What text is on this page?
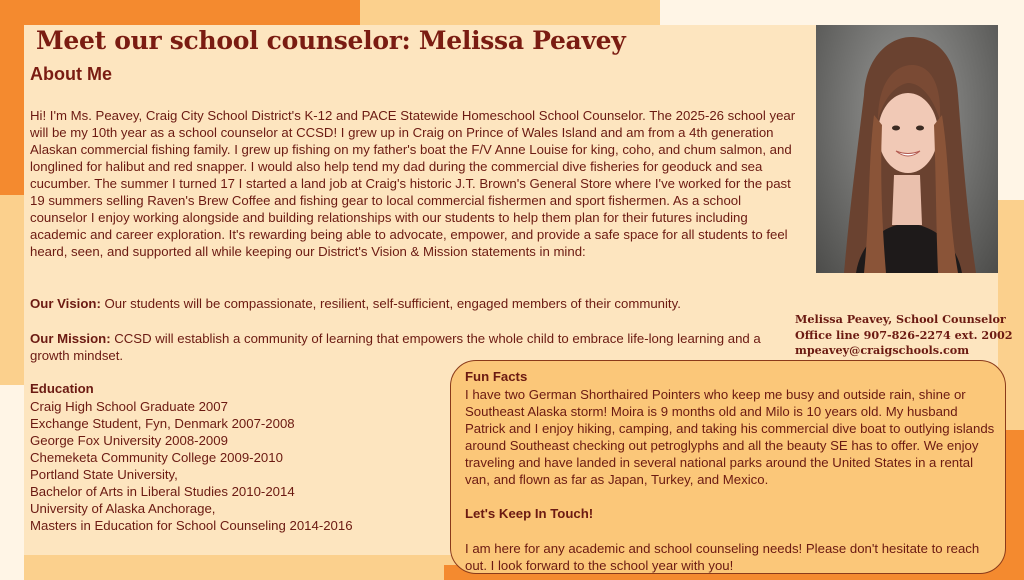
Meet our school counselor: Melissa Peavey
About Me

Hi! I'm Ms. Peavey, Craig City School District's K-12 and PACE Statewide Homeschool School Counselor. The 2025-26 school year will be my 10th year as a school counselor at CCSD! I grew up in Craig on Prince of Wales Island and am from a 4th generation Alaskan commercial fishing family. I grew up fishing on my father's boat the F/V Anne Louise for king, coho, and chum salmon, and longlined for halibut and red snapper. I would also help tend my dad during the commercial dive fisheries for geoduck and sea cucumber. The summer I turned 17 I started a land job at Craig's historic J.T. Brown's General Store where I've worked for the past 19 summers selling Raven's Brew Coffee and fishing gear to local commercial fishermen and sport fishermen. As a school counselor I enjoy working alongside and building relationships with our students to help them plan for their futures including academic and career exploration. It's rewarding being able to advocate, empower, and provide a safe space for all students to feel heard, seen, and supported all while keeping our District's Vision & Mission statements in mind:

Our Vision: Our students will be compassionate, resilient, self-sufficient, engaged members of their community.

Our Mission: CCSD will establish a community of learning that empowers the whole child to embrace life-long learning and a growth mindset.

Education
Craig High School Graduate 2007
Exchange Student, Fyn, Denmark 2007-2008
George Fox University 2008-2009
Chemeketa Community College 2009-2010
Portland State University,
Bachelor of Arts in Liberal Studies 2010-2014
University of Alaska Anchorage,
Masters in Education for School Counseling 2014-2016

Melissa Peavey, School Counselor
Office line 907-826-2274 ext. 2002
mpeavey@craigschools.com

Fun Facts

I have two German Shorthaired Pointers who keep me busy and outside rain, shine or Southeast Alaska storm! Moira is 9 months old and Milo is 10 years old. My husband Patrick and I enjoy hiking, camping, and taking his commercial dive boat to outlying islands around Southeast checking out petroglyphs and all the beauty SE has to offer. We enjoy traveling and have landed in several national parks around the United States in a rental van, and flown as far as Japan, Turkey, and Mexico.

Let's Keep In Touch!

I am here for any academic and school counseling needs! Please don't hesitate to reach out. I look forward to the school year with you!
